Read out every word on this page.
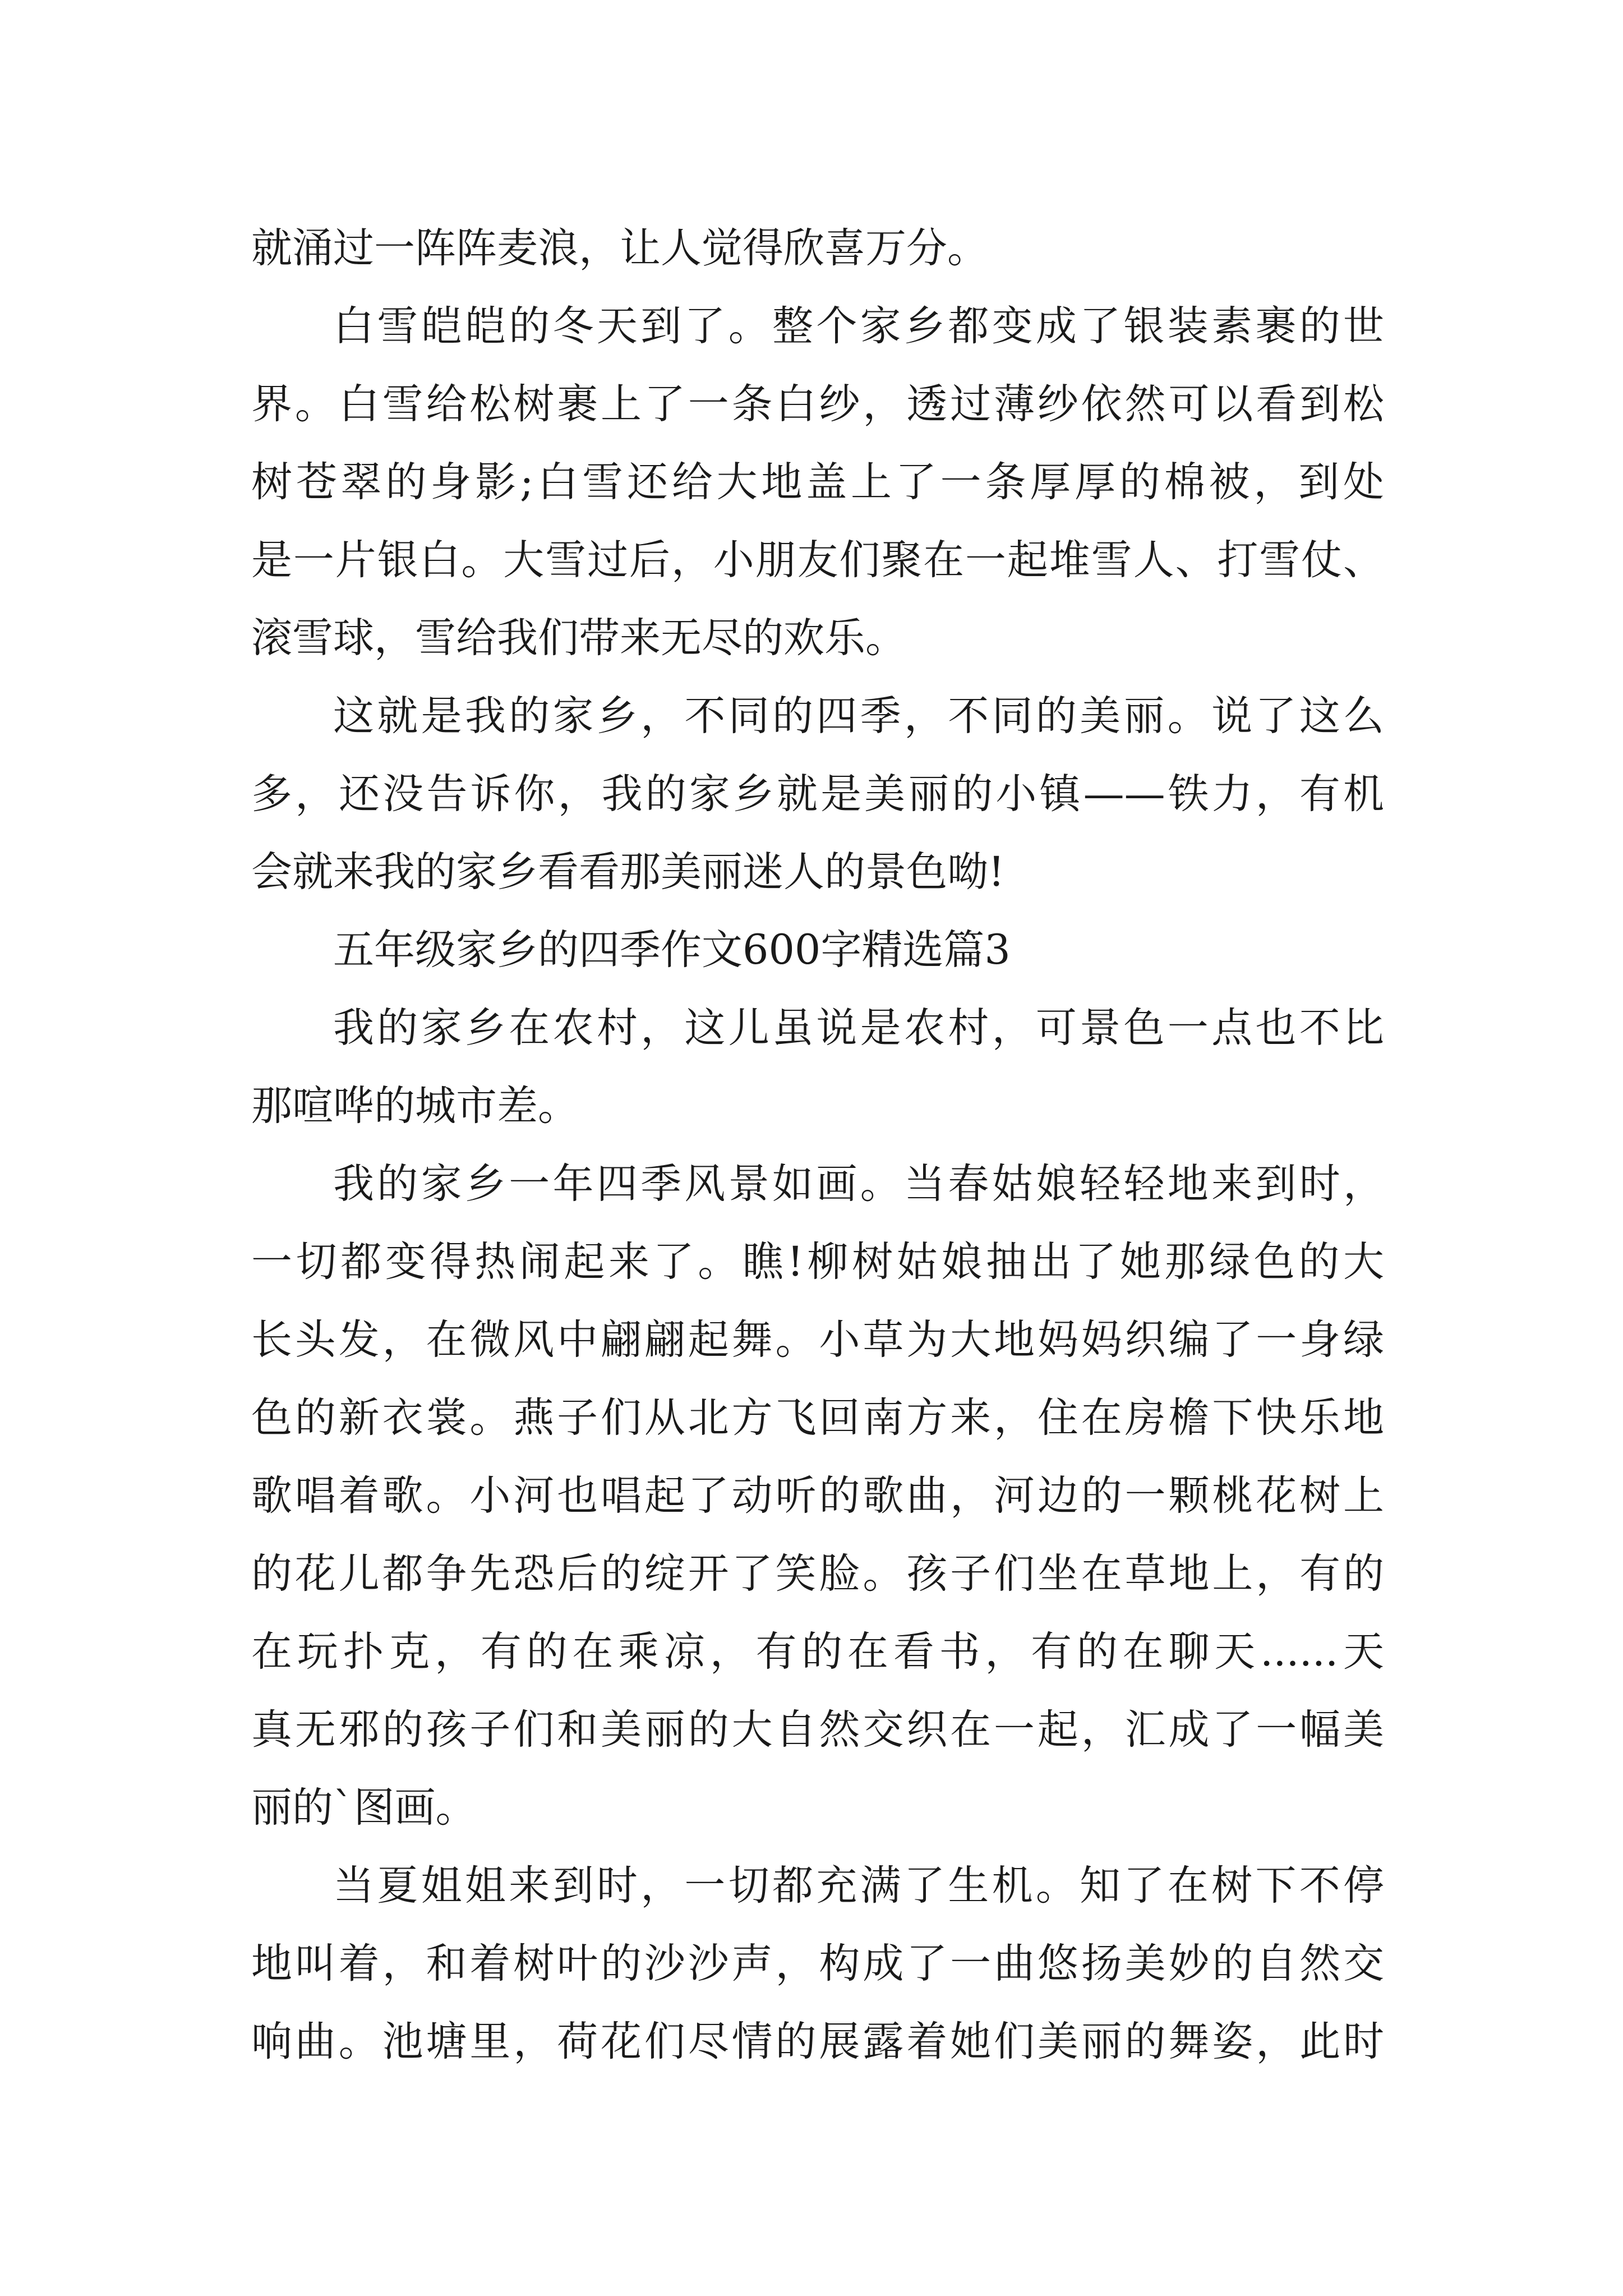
就涌过一阵阵麦浪，让人觉得欣喜万分。
白雪皑皑的冬天到了。整个家乡都变成了银装素裹的世
界。白雪给松树裹上了一条白纱，透过薄纱依然可以看到松
树苍翠的身影;白雪还给大地盖上了一条厚厚的棉被，到处
是一片银白。大雪过后，小朋友们聚在一起堆雪人、打雪仗、
滚雪球，雪给我们带来无尽的欢乐。
这就是我的家乡，不同的四季，不同的美丽。说了这么
多，还没告诉你，我的家乡就是美丽的小镇——铁力，有机
会就来我的家乡看看那美丽迷人的景色呦!
五年级家乡的四季作文600字精选篇3
我的家乡在农村，这儿虽说是农村，可景色一点也不比
那喧哗的城市差。
我的家乡一年四季风景如画。当春姑娘轻轻地来到时，
一切都变得热闹起来了。瞧!柳树姑娘抽出了她那绿色的大
长头发，在微风中翩翩起舞。小草为大地妈妈织编了一身绿
色的新衣裳。燕子们从北方飞回南方来，住在房檐下快乐地
歌唱着歌。小河也唱起了动听的歌曲，河边的一颗桃花树上
的花儿都争先恐后的绽开了笑脸。孩子们坐在草地上，有的
在玩扑克，有的在乘凉，有的在看书，有的在聊天......天
真无邪的孩子们和美丽的大自然交织在一起，汇成了一幅美
丽的`图画。
当夏姐姐来到时，一切都充满了生机。知了在树下不停
地叫着，和着树叶的沙沙声，构成了一曲悠扬美妙的自然交
响曲。池塘里，荷花们尽情的展露着她们美丽的舞姿，此时
